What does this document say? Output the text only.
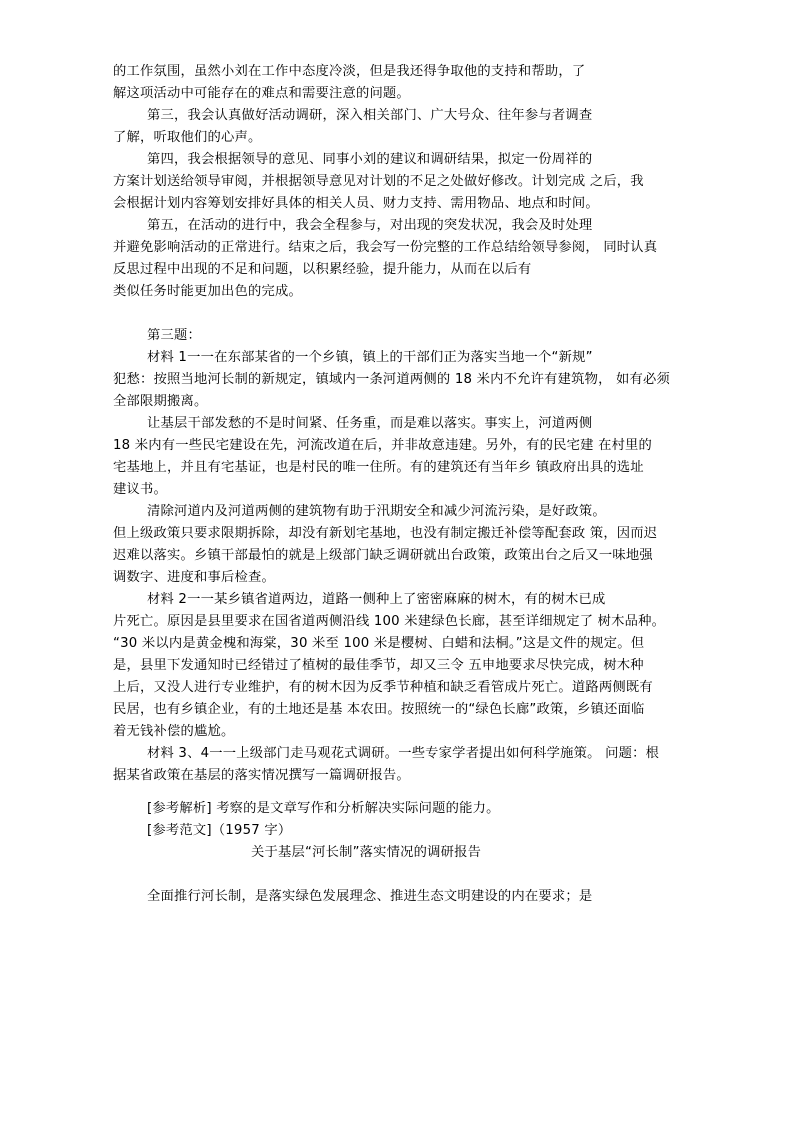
的工作氛围，虽然小刘在工作中态度冷淡，但是我还得争取他的支持和帮助，了
解这项活动中可能存在的难点和需要注意的问题。
第三，我会认真做好活动调研，深入相关部门、广大号众、往年参与者调查
了解，听取他们的心声。
第四，我会根据领导的意见、同事小刘的建议和调研结果，拟定一份周祥的
方案计划送给领导审阅，并根据领导意见对计划的不足之处做好修改。计划完成 之后，我
会根据计划内容筹划安排好具体的相关人员、财力支持、需用物品、地点和时间。
第五，在活动的进行中，我会全程参与，对出现的突发状况，我会及时处理
并避免影响活动的正常进行。结束之后，我会写一份完整的工作总结给领导参阅， 同时认真
反思过程中出现的不足和问题，以积累经验，提升能力，从而在以后有
类似任务时能更加出色的完成。
第三题：
材料 1一一在东部某省的一个乡镇，镇上的干部们正为落实当地一个“新规”
犯愁：按照当地河长制的新规定，镇域内一条河道两侧的 18 米内不允许有建筑物， 如有必须
全部限期搬离。
让基层干部发愁的不是时间紧、任务重，而是难以落实。事实上，河道两侧
18 米内有一些民宅建设在先，河流改道在后，并非故意违建。另外，有的民宅建 在村里的
宅基地上，并且有宅基证，也是村民的唯一住所。有的建筑还有当年乡 镇政府出具的选址
建议书。
清除河道内及河道两侧的建筑物有助于汛期安全和减少河流污染，是好政策。
但上级政策只要求限期拆除，却没有新划宅基地，也没有制定搬迁补偿等配套政 策，因而迟
迟难以落实。乡镇干部最怕的就是上级部门缺乏调研就出台政策，政策出台之后又一味地强
调数字、进度和事后检查。
材料 2一一某乡镇省道两边，道路一侧种上了密密麻麻的树木，有的树木已成
片死亡。原因是县里要求在国省道两侧沿线 100 米建绿色长廊，甚至详细规定了 树木品种。
“30 米以内是黄金槐和海棠，30 米至 100 米是樱树、白蜡和法桐。”这是文件的规定。但
是，县里下发通知时已经错过了植树的最佳季节，却又三令 五申地要求尽快完成，树木种
上后，又没人进行专业维护，有的树木因为反季节种植和缺乏看管成片死亡。道路两侧既有
民居，也有乡镇企业，有的土地还是基 本农田。按照统一的“绿色长廊”政策，乡镇还面临
着无钱补偿的尴尬。
材料 3、4一一上级部门走马观花式调研。一些专家学者提出如何科学施策。 问题：根
据某省政策在基层的落实情况撰写一篇调研报告。
[参考解析] 考察的是文章写作和分析解决实际问题的能力。
[参考范文]（1957 字）
关于基层“河长制”落实情况的调研报告
全面推行河长制，是落实绿色发展理念、推进生态文明建设的内在要求；是
